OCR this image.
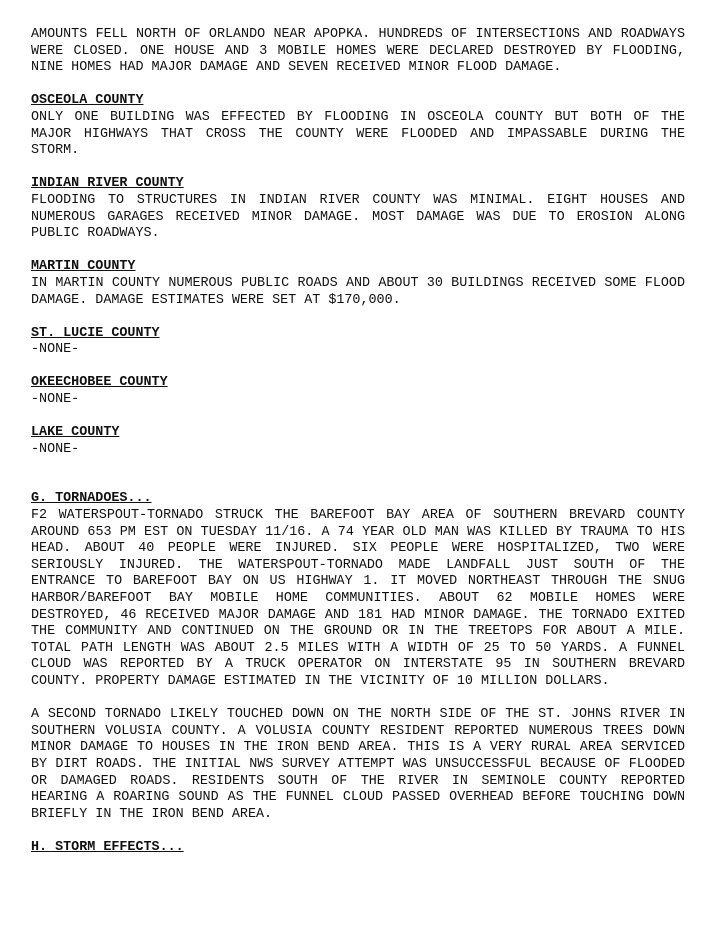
AMOUNTS FELL NORTH OF ORLANDO NEAR APOPKA. HUNDREDS OF INTERSECTIONS AND ROADWAYS WERE CLOSED. ONE HOUSE AND 3 MOBILE HOMES WERE DECLARED DESTROYED BY FLOODING, NINE HOMES HAD MAJOR DAMAGE AND SEVEN RECEIVED MINOR FLOOD DAMAGE.

OSCEOLA COUNTY

ONLY ONE BUILDING WAS EFFECTED BY FLOODING IN OSCEOLA COUNTY BUT BOTH OF THE MAJOR HIGHWAYS THAT CROSS THE COUNTY WERE FLOODED AND IMPASSABLE DURING THE STORM.

INDIAN RIVER COUNTY

FLOODING TO STRUCTURES IN INDIAN RIVER COUNTY WAS MINIMAL. EIGHT HOUSES AND NUMEROUS GARAGES RECEIVED MINOR DAMAGE. MOST DAMAGE WAS DUE TO EROSION ALONG PUBLIC ROADWAYS.

MARTIN COUNTY

IN MARTIN COUNTY NUMEROUS PUBLIC ROADS AND ABOUT 30 BUILDINGS RECEIVED SOME FLOOD DAMAGE. DAMAGE ESTIMATES WERE SET AT $170,000.

ST. LUCIE COUNTY

-NONE-

OKEECHOBEE COUNTY

-NONE-

LAKE COUNTY

-NONE-

G. TORNADOES...

F2 WATERSPOUT-TORNADO STRUCK THE BAREFOOT BAY AREA OF SOUTHERN BREVARD COUNTY AROUND 653 PM EST ON TUESDAY 11/16. A 74 YEAR OLD MAN WAS KILLED BY TRAUMA TO HIS HEAD. ABOUT 40 PEOPLE WERE INJURED. SIX PEOPLE WERE HOSPITALIZED, TWO WERE SERIOUSLY INJURED. THE WATERSPOUT-TORNADO MADE LANDFALL JUST SOUTH OF THE ENTRANCE TO BAREFOOT BAY ON US HIGHWAY 1. IT MOVED NORTHEAST THROUGH THE SNUG HARBOR/BAREFOOT BAY MOBILE HOME COMMUNITIES. ABOUT 62 MOBILE HOMES WERE DESTROYED, 46 RECEIVED MAJOR DAMAGE AND 181 HAD MINOR DAMAGE. THE TORNADO EXITED THE COMMUNITY AND CONTINUED ON THE GROUND OR IN THE TREETOPS FOR ABOUT A MILE. TOTAL PATH LENGTH WAS ABOUT 2.5 MILES WITH A WIDTH OF 25 TO 50 YARDS. A FUNNEL CLOUD WAS REPORTED BY A TRUCK OPERATOR ON INTERSTATE 95 IN SOUTHERN BREVARD COUNTY. PROPERTY DAMAGE ESTIMATED IN THE VICINITY OF 10 MILLION DOLLARS.

A SECOND TORNADO LIKELY TOUCHED DOWN ON THE NORTH SIDE OF THE ST. JOHNS RIVER IN SOUTHERN VOLUSIA COUNTY. A VOLUSIA COUNTY RESIDENT REPORTED NUMEROUS TREES DOWN MINOR DAMAGE TO HOUSES IN THE IRON BEND AREA. THIS IS A VERY RURAL AREA SERVICED BY DIRT ROADS. THE INITIAL NWS SURVEY ATTEMPT WAS UNSUCCESSFUL BECAUSE OF FLOODED OR DAMAGED ROADS. RESIDENTS SOUTH OF THE RIVER IN SEMINOLE COUNTY REPORTED HEARING A ROARING SOUND AS THE FUNNEL CLOUD PASSED OVERHEAD BEFORE TOUCHING DOWN BRIEFLY IN THE IRON BEND AREA.

H. STORM EFFECTS...
